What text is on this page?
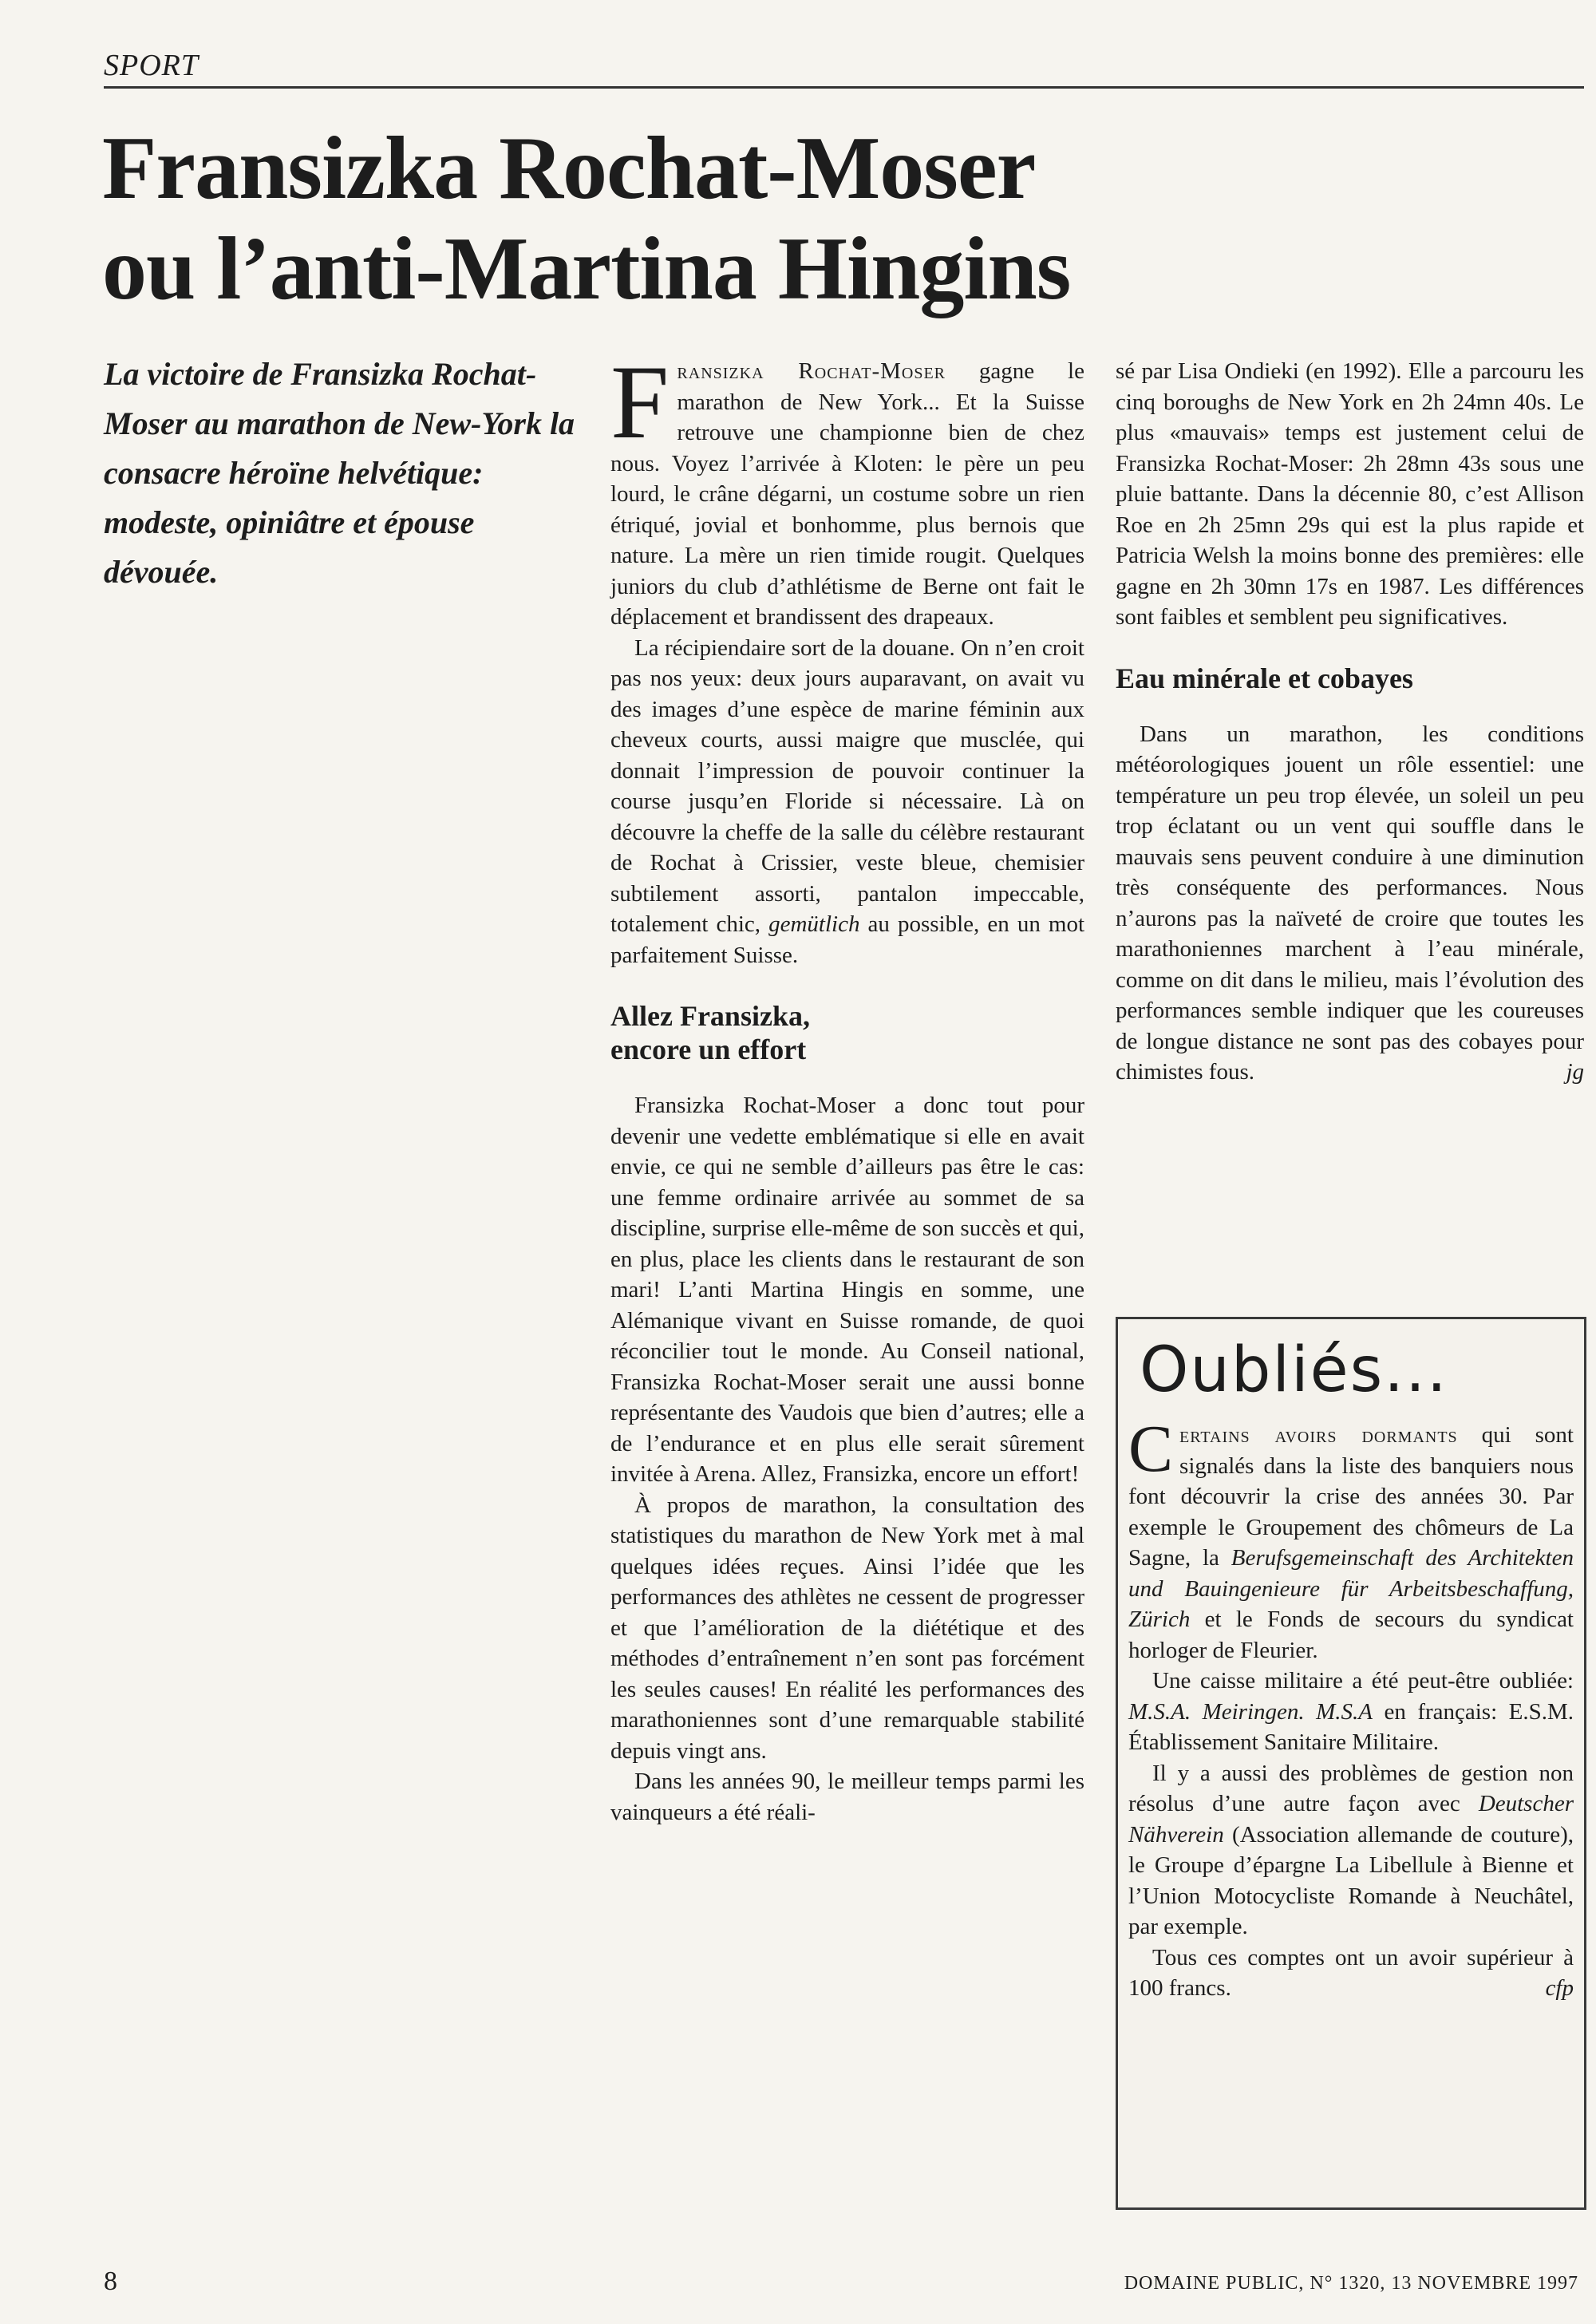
SPORT
Fransizka Rochat-Moser
ou l’anti-Martina Hingins

La victoire de Fransizka Rochat-Moser au marathon de New-York la consacre héroïne helvétique: modeste, opiniâtre et épouse dévouée.

Fransizka Rochat-Moser gagne le marathon de New York... Et la Suisse retrouve une championne bien de chez nous. Voyez l’arrivée à Kloten: le père un peu lourd, le crâne dégarni, un costume sobre un rien étriqué, jovial et bonhomme, plus bernois que nature. La mère un rien timide rougit. Quelques juniors du club d’athlétisme de Berne ont fait le déplacement et brandissent des drapeaux.

La récipiendaire sort de la douane. On n’en croit pas nos yeux: deux jours auparavant, on avait vu des images d’une espèce de marine féminin aux cheveux courts, aussi maigre que musclée, qui donnait l’impression de pouvoir continuer la course jusqu’en Floride si nécessaire. Là on découvre la cheffe de la salle du célèbre restaurant de Rochat à Crissier, veste bleue, chemisier subtilement assorti, pantalon impeccable, totalement chic, gemütlich au possible, en un mot parfaitement Suisse.

Allez Fransizka,
encore un effort

Fransizka Rochat-Moser a donc tout pour devenir une vedette emblématique si elle en avait envie, ce qui ne semble d’ailleurs pas être le cas: une femme ordinaire arrivée au sommet de sa discipline, surprise elle-même de son succès et qui, en plus, place les clients dans le restaurant de son mari! L’anti Martina Hingis en somme, une Alémanique vivant en Suisse romande, de quoi réconcilier tout le monde. Au Conseil national, Fransizka Rochat-Moser serait une aussi bonne représentante des Vaudois que bien d’autres; elle a de l’endurance et en plus elle serait sûrement invitée à Arena. Allez, Fransizka, encore un effort!

À propos de marathon, la consultation des statistiques du marathon de New York met à mal quelques idées reçues. Ainsi l’idée que les performances des athlètes ne cessent de progresser et que l’amélioration de la diététique et des méthodes d’entraînement n’en sont pas forcément les seules causes! En réalité les performances des marathoniennes sont d’une remarquable stabilité depuis vingt ans.

Dans les années 90, le meilleur temps parmi les vainqueurs a été réali-

sé par Lisa Ondieki (en 1992). Elle a parcouru les cinq boroughs de New York en 2h 24mn 40s. Le plus «mauvais» temps est justement celui de Fransizka Rochat-Moser: 2h 28mn 43s sous une pluie battante. Dans la décennie 80, c’est Allison Roe en 2h 25mn 29s qui est la plus rapide et Patricia Welsh la moins bonne des premières: elle gagne en 2h 30mn 17s en 1987. Les différences sont faibles et semblent peu significatives.

Eau minérale et cobayes

Dans un marathon, les conditions météorologiques jouent un rôle essentiel: une température un peu trop élevée, un soleil un peu trop éclatant ou un vent qui souffle dans le mauvais sens peuvent conduire à une diminution très conséquente des performances. Nous n’aurons pas la naïveté de croire que toutes les marathoniennes marchent à l’eau minérale, comme on dit dans le milieu, mais l’évolution des performances semble indiquer que les coureuses de longue distance ne sont pas des cobayes pour chimistes fous.	jg

Oubliés...

Certains avoirs dormants qui sont signalés dans la liste des banquiers nous font découvrir la crise des années 30. Par exemple le Groupement des chômeurs de La Sagne, la Berufsgemeinschaft des Architekten und Bauingenieure für Arbeitsbeschaffung, Zürich et le Fonds de secours du syndicat horloger de Fleurier.

Une caisse militaire a été peut-être oubliée: M.S.A. Meiringen. M.S.A en français: E.S.M. Établissement Sanitaire Militaire.

Il y a aussi des problèmes de gestion non résolus d’une autre façon avec Deutscher Nähverein (Association allemande de couture), le Groupe d’épargne La Libellule à Bienne et l’Union Motocycliste Romande à Neuchâtel, par exemple.

Tous ces comptes ont un avoir supérieur à 100 francs.	cfp

8	DOMAINE PUBLIC, N° 1320, 13 NOVEMBRE 1997
